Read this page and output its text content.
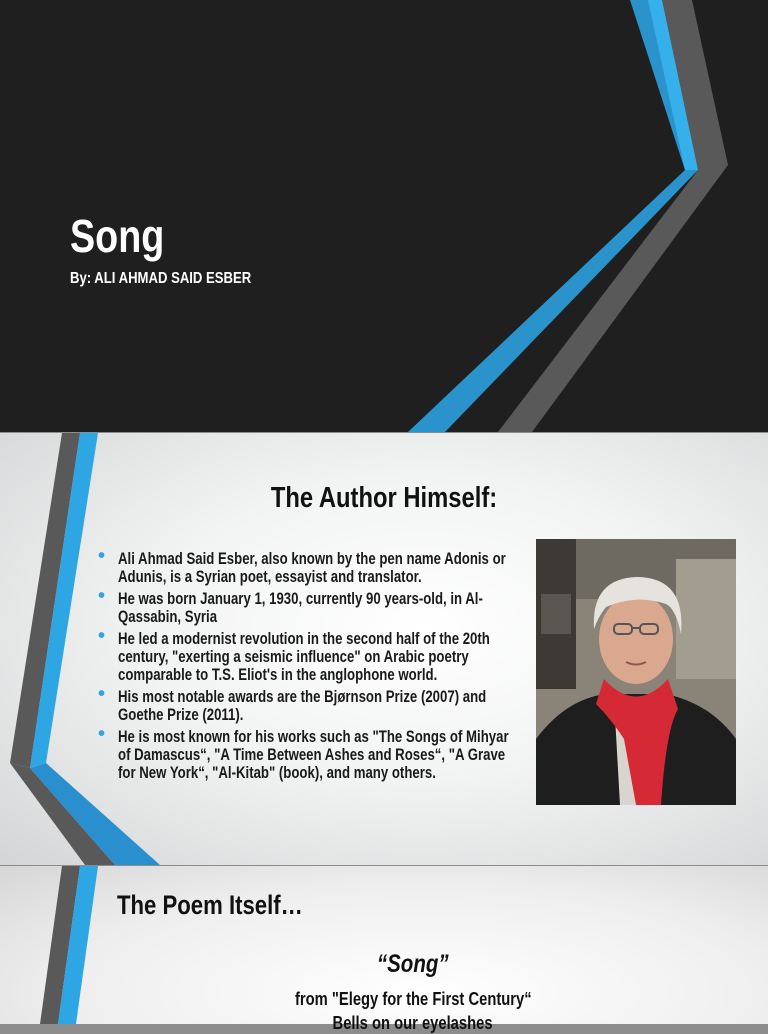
Song
By: ALI AHMAD SAID ESBER
The Author Himself:
• Ali Ahmad Said Esber, also known by the pen name Adonis or Adunis, is a Syrian poet, essayist and translator.
• He was born January 1, 1930, currently 90 years-old, in Al-Qassabin, Syria
• He led a modernist revolution in the second half of the 20th century, "exerting a seismic influence" on Arabic poetry comparable to T.S. Eliot's in the anglophone world.
• His most notable awards are the Bjørnson Prize (2007) and Goethe Prize (2011).
• He is most known for his works such as "The Songs of Mihyar of Damascus“, "A Time Between Ashes and Roses“, "A Grave for New York“, "Al-Kitab" (book), and many others.
The Poem Itself…
“Song”
from "Elegy for the First Century“
Bells on our eyelashes
